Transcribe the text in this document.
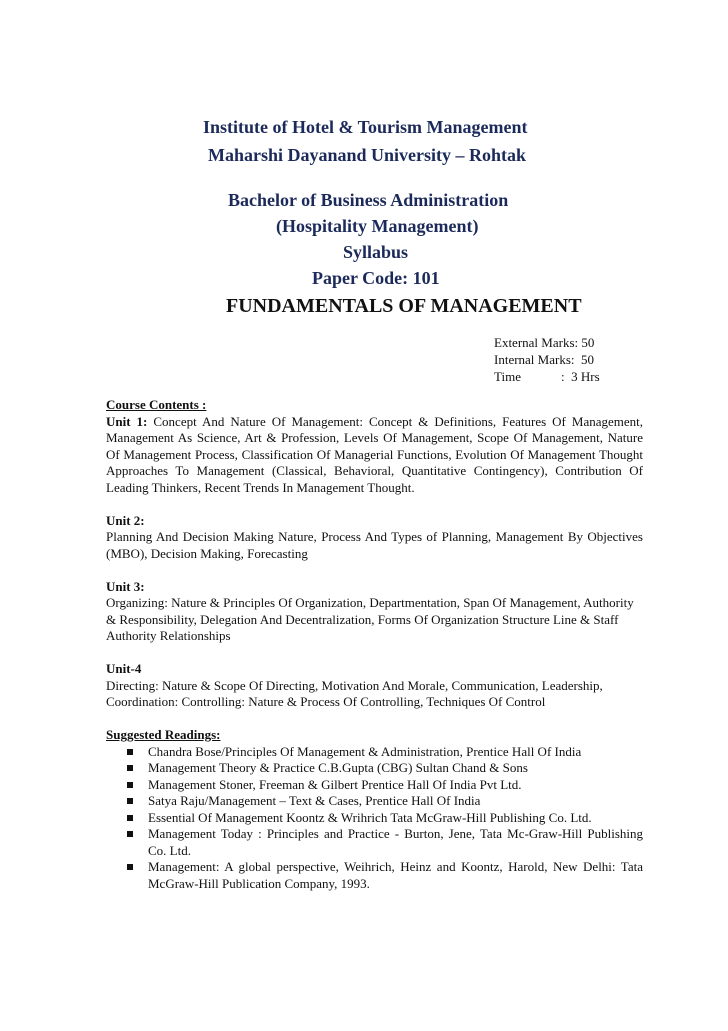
Institute of Hotel & Tourism Management
Maharshi Dayanand University – Rohtak
Bachelor of Business Administration
(Hospitality Management)
Syllabus
Paper Code: 101
FUNDAMENTALS OF MANAGEMENT
External Marks: 50
Internal Marks:  50
Time	:  3 Hrs

Course Contents :

Unit 1: Concept And Nature Of Management: Concept & Definitions, Features Of Management, Management As Science, Art & Profession, Levels Of Management, Scope Of Management, Nature Of Management Process, Classification Of Managerial Functions, Evolution Of Management Thought Approaches To Management (Classical, Behavioral, Quantitative Contingency), Contribution Of Leading Thinkers, Recent Trends In Management Thought.

Unit 2:

Planning And Decision Making Nature, Process And Types of Planning, Management By Objectives (MBO), Decision Making, Forecasting

Unit 3:

Organizing: Nature & Principles Of Organization, Departmentation, Span Of Management, Authority & Responsibility, Delegation And Decentralization, Forms Of Organization Structure Line & Staff Authority Relationships

Unit-4

Directing: Nature & Scope Of Directing, Motivation And Morale, Communication, Leadership, Coordination: Controlling: Nature & Process Of Controlling, Techniques Of Control

Suggested Readings:

Chandra Bose/Principles Of Management & Administration, Prentice Hall Of India
Management Theory & Practice C.B.Gupta (CBG) Sultan Chand & Sons
Management Stoner, Freeman & Gilbert Prentice Hall Of India Pvt Ltd.
Satya Raju/Management – Text & Cases, Prentice Hall Of India
Essential Of Management Koontz & Wrihrich Tata McGraw-Hill Publishing Co. Ltd.
Management Today : Principles and Practice - Burton, Jene, Tata Mc-Graw-Hill Publishing Co. Ltd.
Management: A global perspective, Weihrich, Heinz and Koontz, Harold, New Delhi: Tata McGraw-Hill Publication Company, 1993.
